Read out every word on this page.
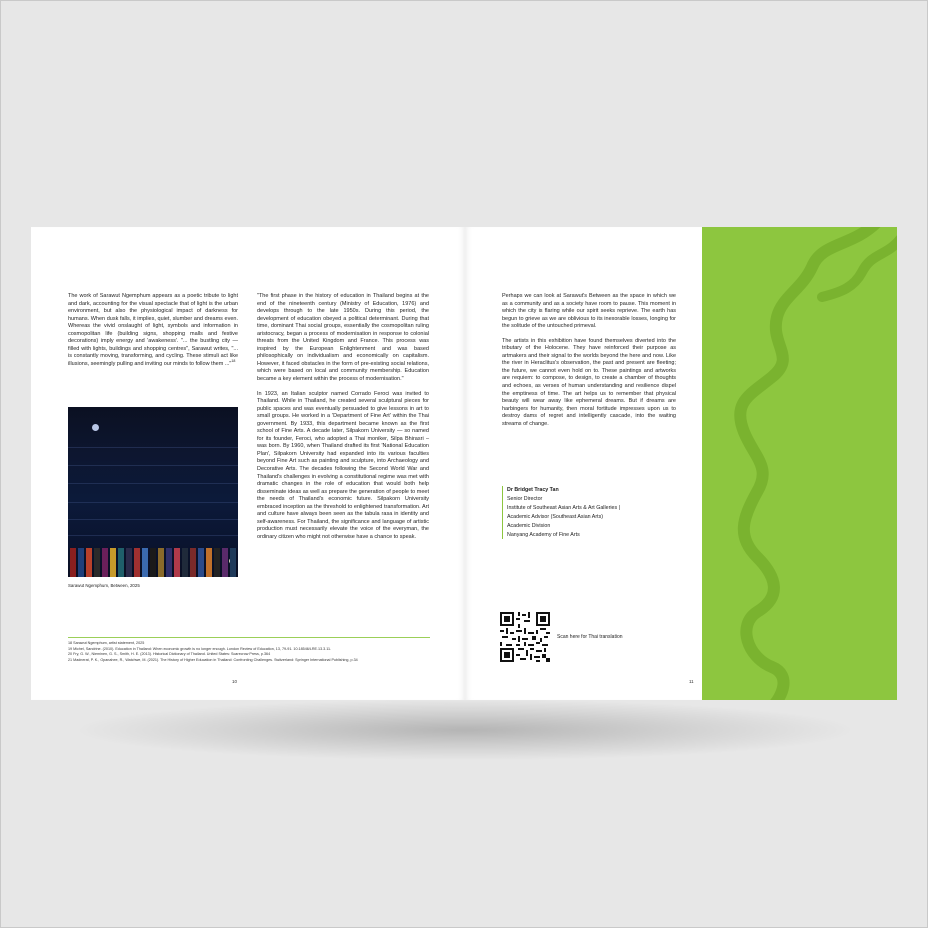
The work of Sarawut Ngemphum appears as a poetic tribute to light and dark, accounting for the visual spectacle that of light is the urban environment, but also the physiological impact of darkness for humans. When dusk falls, it implies, quiet, slumber and dreams even. Whereas the vivid onslaught of light, symbols and information in cosmopolitan life (building signs, shopping malls and festive decorations) imply energy and 'awakeness'. "... the bustling city — filled with lights, buildings and shopping centres", Sarawut writes, "... is constantly moving, transforming, and cycling. These stimuli act like illusions, seemingly pulling and inviting our minds to follow them ..."$^{18}$

Sarawut Ngemphum, Between, 2025

"The first phase in the history of education in Thailand begins at the end of the nineteenth century (Ministry of Education, 1976) and develops through to the late 1950s. During this period, the development of education obeyed a political determinant. During that time, dominant Thai social groups, essentially the cosmopolitan ruling aristocracy, began a process of modernisation in response to colonial threats from the United Kingdom and France. This process was inspired by the European Enlightenment and was based philosophically on individualism and economically on capitalism. However, it faced obstacles in the form of pre-existing social relations, which were based on local and community membership. Education became a key element within the process of modernisation."

In 1923, an Italian sculptor named Corrado Feroci was invited to Thailand. While in Thailand, he created several sculptural pieces for public spaces and was eventually persuaded to give lessons in art to small groups. He worked in a 'Department of Fine Art' within the Thai government. By 1933, this department became known as the first school of Fine Arts. A decade later, Silpakorn University — so named for its founder, Feroci, who adopted a Thai moniker, Silpa Bhirasri – was born. By 1960, when Thailand drafted its first 'National Education Plan', Silpakorn University had expanded into its various faculties beyond Fine Art such as painting and sculpture, into Archaeology and Decorative Arts. The decades following the Second World War and Thailand's challenges in evolving a constitutional regime was met with dramatic changes in the role of education that would both help disseminate ideas as well as prepare the generation of people to meet the needs of Thailand's economic future. Silpakorn University embraced inception as the threshold to enlightened transformation. Art and culture have always been seen as the tabula rasa in identity and self-awareness. For Thailand, the significance and language of artistic production must necessarily elevate the voice of the everyman, the ordinary citizen who might not otherwise have a chance to speak.

18 Sarawut Ngemphum, artist statement, 2025
19 Michel, Sandrine. (2010). Education in Thailand: When economic growth is no longer enough. London Review of Education, 13, 79-91. 10.18546/LRE.13.3.11.
20 Fry, G. W., Nieminen, G. S., Smith, H. E. (2013). Historical Dictionary of Thailand. United States: Scarecrow Press, p.364
21 Madnerat, P. K., Opanahee, R., Watchwe, M. (2021). The History of Higher Education in Thailand: Confronting Challenges. Switzerland: Springer International Publishing, p.34
10

Perhaps we can look at Sarawut's Between as the space in which we as a community and as a society have room to pause. This moment in which the city is flaring while our spirit seeks reprieve. The earth has begun to grieve as we are oblivious to its inexorable losses, longing for the solitude of the untouched primeval.

The artists in this exhibition have found themselves diverted into the tributary of the Holocene. They have reinforced their purpose as artmakers and their signal to the worlds beyond the here and now. Like the river in Heraclitus's observation, the past and present are fleeting; the future, we cannot even hold on to. These paintings and artworks are requiem: to compose, to design, to create a chamber of thoughts and echoes, as verses of human understanding and resilience dispel the emptiness of time. The art helps us to remember that physical beauty will wear away like ephemeral dreams. But if dreams are harbingers for humanity, then moral fortitude impresses upon us to destroy dams of regret and intelligently cascade, into the waiting streams of change.

Dr Bridget Tracy Tan
Senior Director
Institute of Southeast Asian Arts & Art Galleries |
Academic Advisor (Southeast Asian Arts)
Academic Division
Nanyang Academy of Fine Arts
Scan here for Thai translation
11
